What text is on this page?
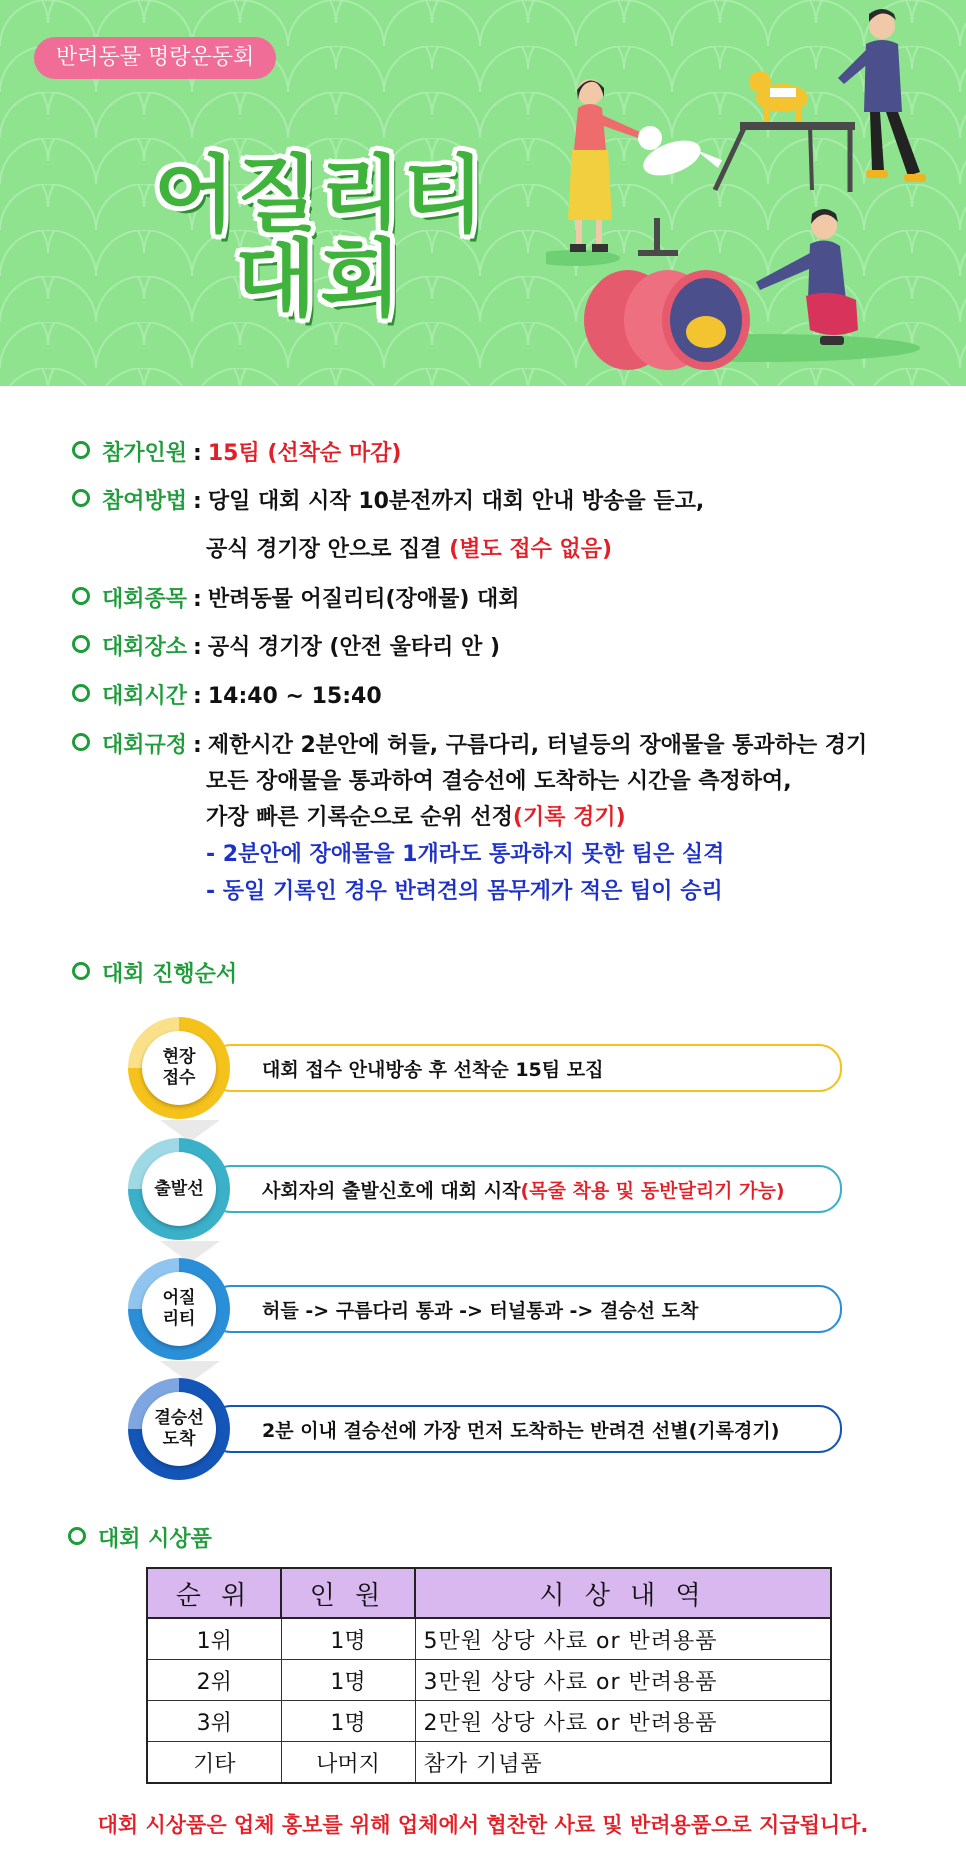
반려동물 명랑운동회
어질리티
대회
참가인원 : 15팀 (선착순 마감)
참여방법 : 당일 대회 시작 10분전까지 대회 안내 방송을 듣고,
공식 경기장 안으로 집결 (별도 접수 없음)
대회종목 : 반려동물 어질리티(장애물) 대회
대회장소 : 공식 경기장 (안전 울타리 안 )
대회시간 : 14:40 ~ 15:40
대회규정 : 제한시간 2분안에 허들, 구름다리, 터널등의 장애물을 통과하는 경기
모든 장애물을 통과하여 결승선에 도착하는 시간을 측정하여,
가장 빠른 기록순으로 순위 선정(기록 경기)
- 2분안에 장애물을 1개라도 통과하지 못한 팀은 실격
- 동일 기록인 경우 반려견의 몸무게가 적은 팀이 승리
대회 진행순서
대회 접수 안내방송 후 선착순 15팀 모집
현장
접수
사회자의 출발신호에 대회 시작(목줄 착용 및 동반달리기 가능)
출발선
허들 -> 구름다리 통과 -> 터널통과 -> 결승선 도착
어질
리티
2분 이내 결승선에 가장 먼저 도착하는 반려견 선별(기록경기)
결승선
도착
대회 시상품
순 위	인 원	시 상 내 역
1위	1명	5만원 상당 사료 or 반려용품
2위	1명	3만원 상당 사료 or 반려용품
3위	1명	2만원 상당 사료 or 반려용품
기타	나머지	참가 기념품
대회 시상품은 업체 홍보를 위해 업체에서 협찬한 사료 및 반려용품으로 지급됩니다.
